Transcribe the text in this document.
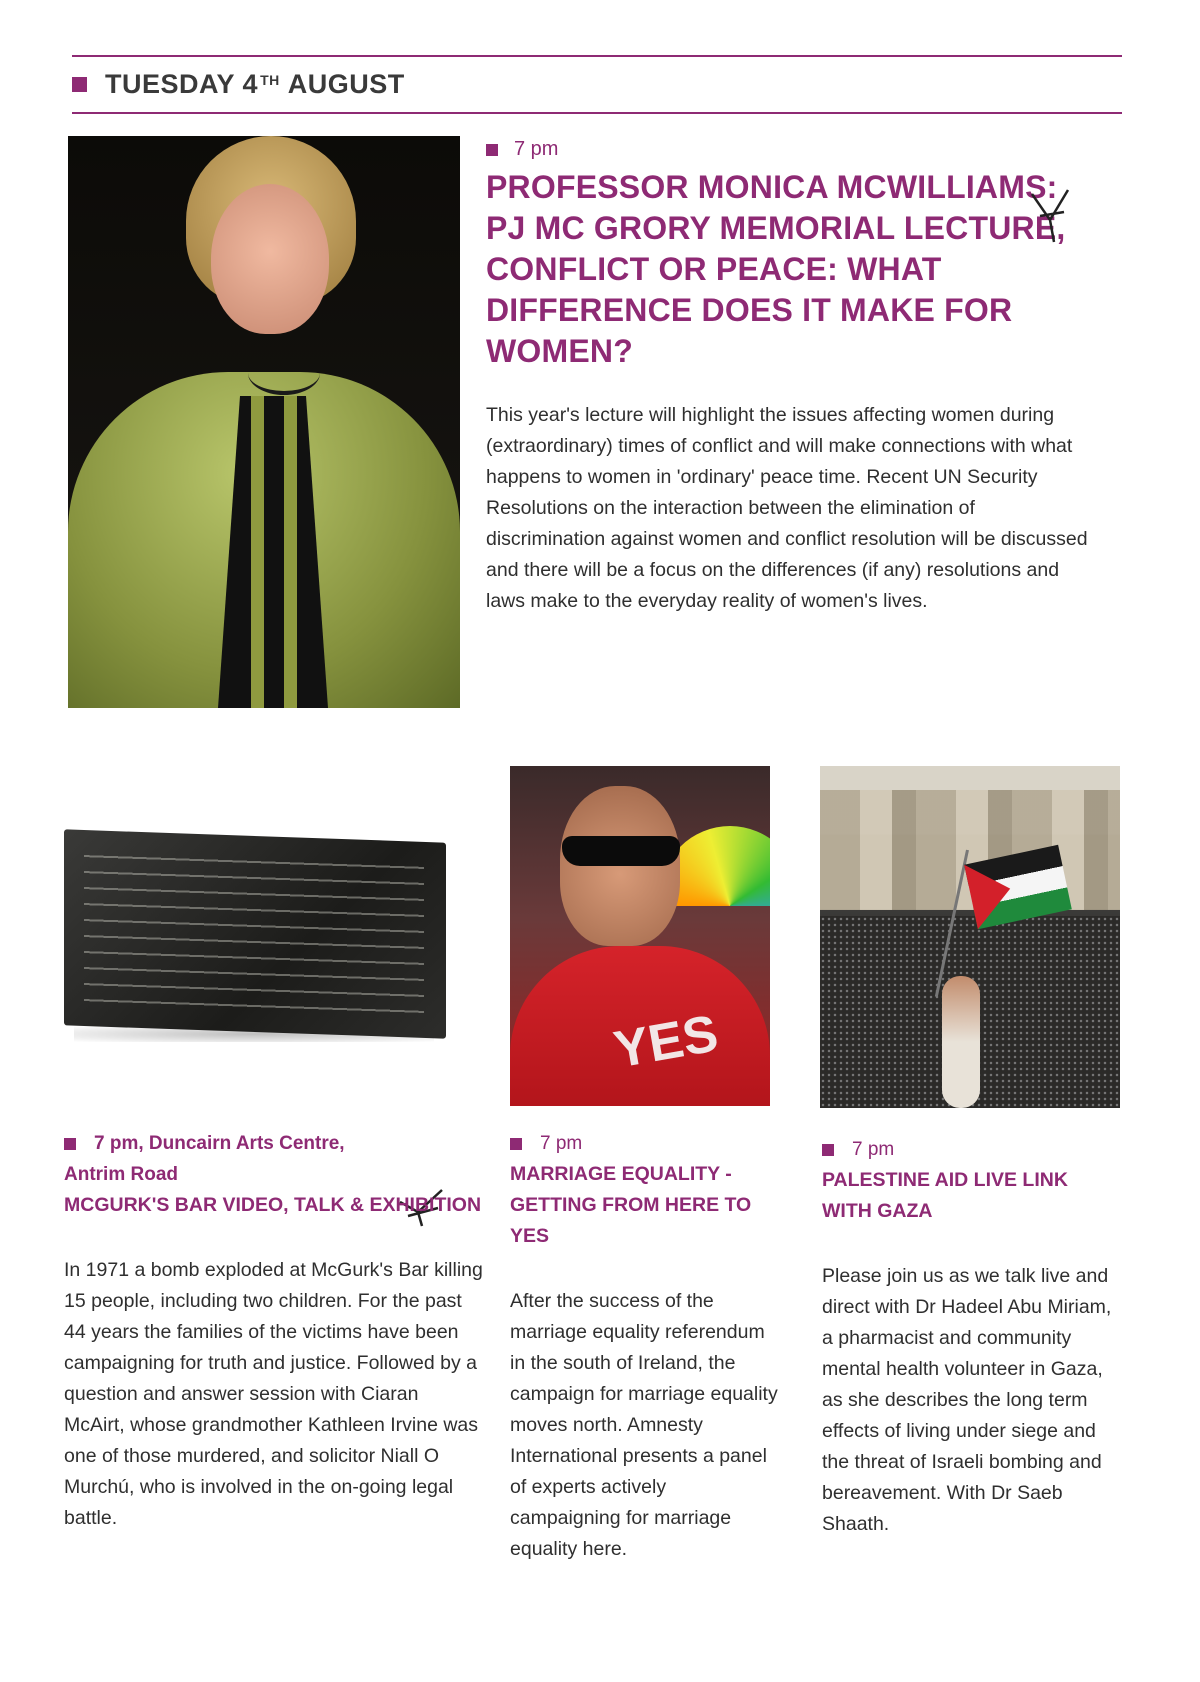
TUESDAY 4TH AUGUST
7 pm
PROFESSOR MONICA MCWILLIAMS: PJ MC GRORY MEMORIAL LECTURE, CONFLICT OR PEACE: WHAT DIFFERENCE DOES IT MAKE FOR WOMEN?
This year's lecture will highlight the issues affecting women during (extraordinary) times of conflict and will make connections with what happens to women in 'ordinary' peace time. Recent UN Security Resolutions on the interaction between the elimination of discrimination against women and conflict resolution will be discussed and there will be a focus on the differences (if any) resolutions and laws make to the everyday reality of women's lives.
YES
7 pm, Duncairn Arts Centre,
Antrim Road
MCGURK'S BAR VIDEO, TALK & EXHIBITION
In 1971 a bomb exploded at McGurk's Bar killing 15 people, including two children. For the past 44 years the families of the victims have been campaigning for truth and justice. Followed by a question and answer session with Ciaran McAirt, whose grandmother Kathleen Irvine was one of those murdered, and solicitor Niall O Murchú, who is involved in the on-going legal battle.
7 pm
MARRIAGE EQUALITY - GETTING FROM HERE TO YES
After the success of the marriage equality referendum in the south of Ireland, the campaign for marriage equality moves north. Amnesty International presents a panel of experts actively campaigning for marriage equality here.
7 pm
PALESTINE AID LIVE LINK WITH GAZA
Please join us as we talk live and direct with Dr Hadeel Abu Miriam, a pharmacist and community mental health volunteer in Gaza, as she describes the long term effects of living under siege and the threat of Israeli bombing and bereavement. With Dr Saeb Shaath.
